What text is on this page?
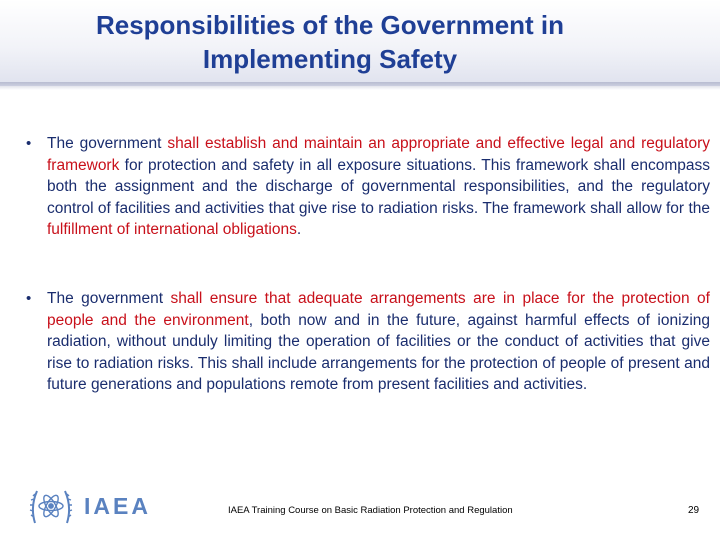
Responsibilities of the Government in
Implementing Safety
• The government shall establish and maintain an appropriate and effective legal and regulatory framework for protection and safety in all exposure situations. This framework shall encompass both the assignment and the discharge of governmental responsibilities, and the regulatory control of facilities and activities that give rise to radiation risks. The framework shall allow for the fulfillment of international obligations.

• The government shall ensure that adequate arrangements are in place for the protection of people and the environment, both now and in the future, against harmful effects of ionizing radiation, without unduly limiting the operation of facilities or the conduct of activities that give rise to radiation risks. This shall include arrangements for the protection of people of present and future generations and populations remote from present facilities and activities.

IAEA	IAEA Training Course on Basic Radiation Protection and Regulation	29
